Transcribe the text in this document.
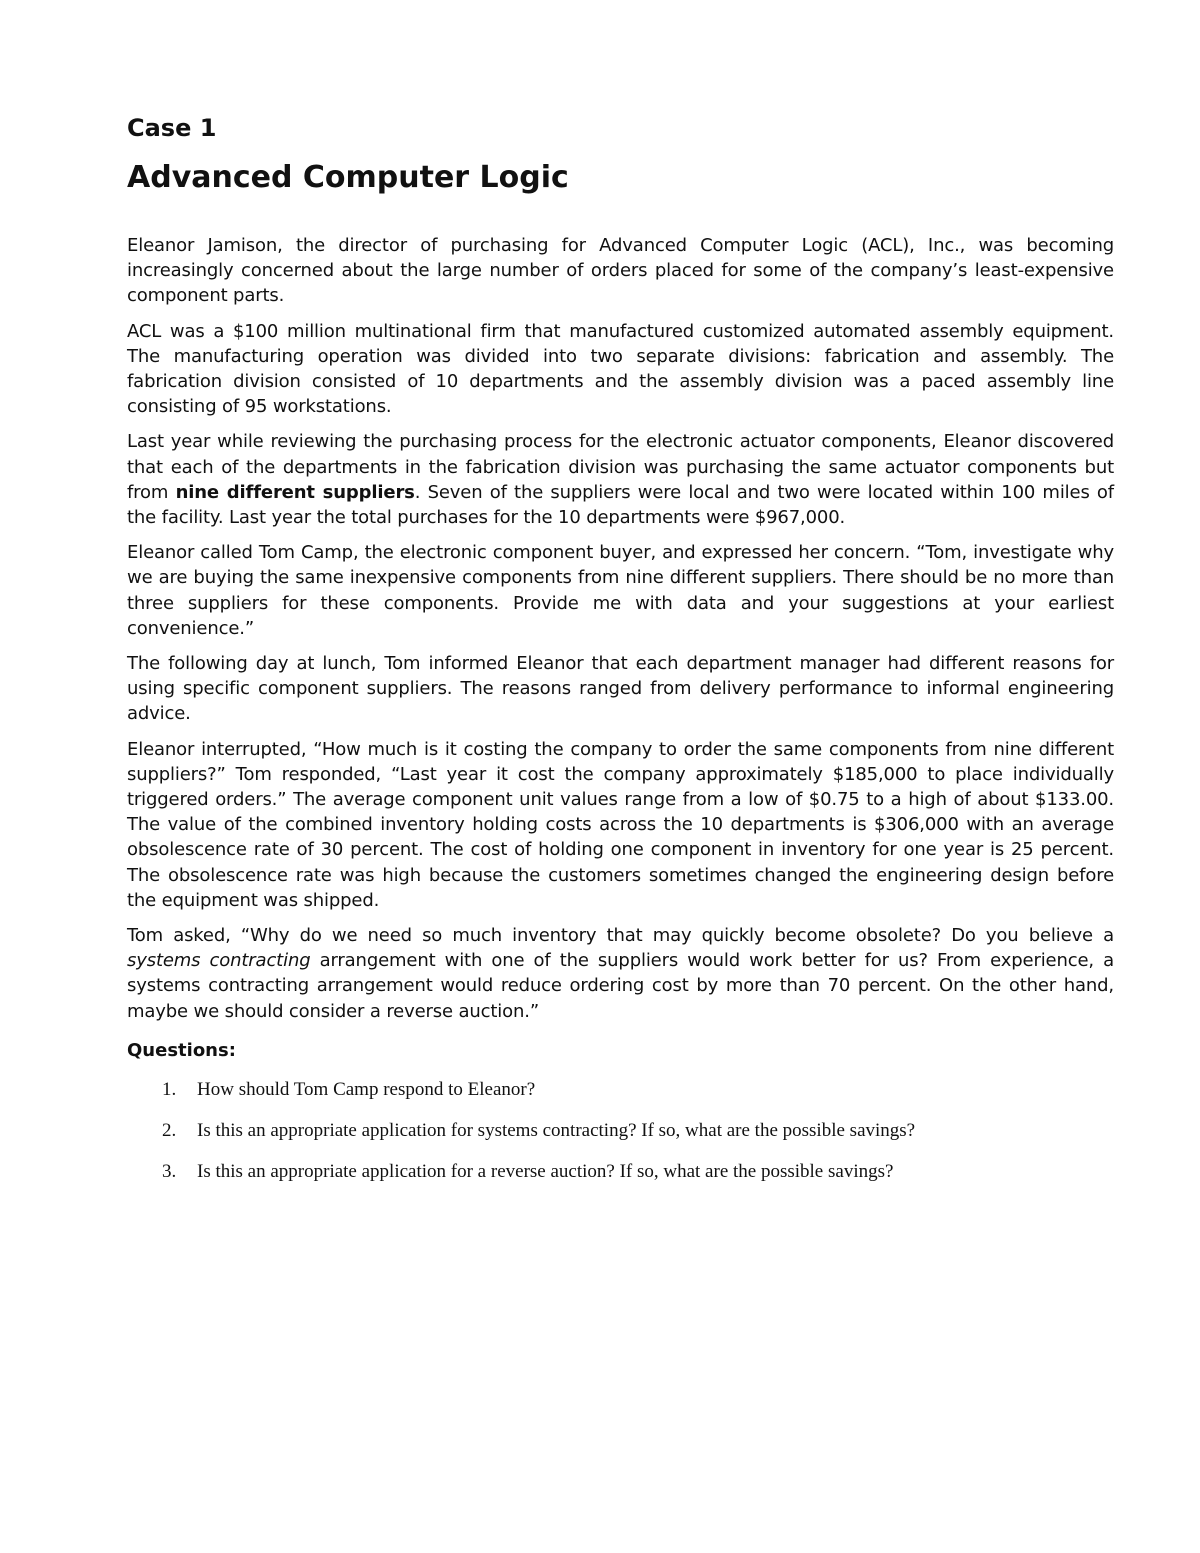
Case 1
Advanced Computer Logic

Eleanor Jamison, the director of purchasing for Advanced Computer Logic (ACL), Inc., was becoming increasingly concerned about the large number of orders placed for some of the company’s least-expensive component parts.

ACL was a $100 million multinational firm that manufactured customized automated assembly equipment. The manufacturing operation was divided into two separate divisions: fabrication and assembly. The fabrication division consisted of 10 departments and the assembly division was a paced assembly line consisting of 95 workstations.

Last year while reviewing the purchasing process for the electronic actuator components, Eleanor discovered that each of the departments in the fabrication division was purchasing the same actuator components but from nine different suppliers. Seven of the suppliers were local and two were located within 100 miles of the facility. Last year the total purchases for the 10 departments were $967,000.

Eleanor called Tom Camp, the electronic component buyer, and expressed her concern. “Tom, investigate why we are buying the same inexpensive components from nine different suppliers. There should be no more than three suppliers for these components. Provide me with data and your suggestions at your earliest convenience.”

The following day at lunch, Tom informed Eleanor that each department manager had different reasons for using specific component suppliers. The reasons ranged from delivery performance to informal engineering advice.

Eleanor interrupted, “How much is it costing the company to order the same components from nine different suppliers?” Tom responded, “Last year it cost the company approximately $185,000 to place individually triggered orders.” The average component unit values range from a low of $0.75 to a high of about $133.00. The value of the combined inventory holding costs across the 10 departments is $306,000 with an average obsolescence rate of 30 percent. The cost of holding one component in inventory for one year is 25 percent. The obsolescence rate was high because the customers sometimes changed the engineering design before the equipment was shipped.

Tom asked, “Why do we need so much inventory that may quickly become obsolete? Do you believe a systems contracting arrangement with one of the suppliers would work better for us? From experience, a systems contracting arrangement would reduce ordering cost by more than 70 percent. On the other hand, maybe we should consider a reverse auction.”

Questions:
1. How should Tom Camp respond to Eleanor?
2. Is this an appropriate application for systems contracting? If so, what are the possible savings?
3. Is this an appropriate application for a reverse auction? If so, what are the possible savings?
